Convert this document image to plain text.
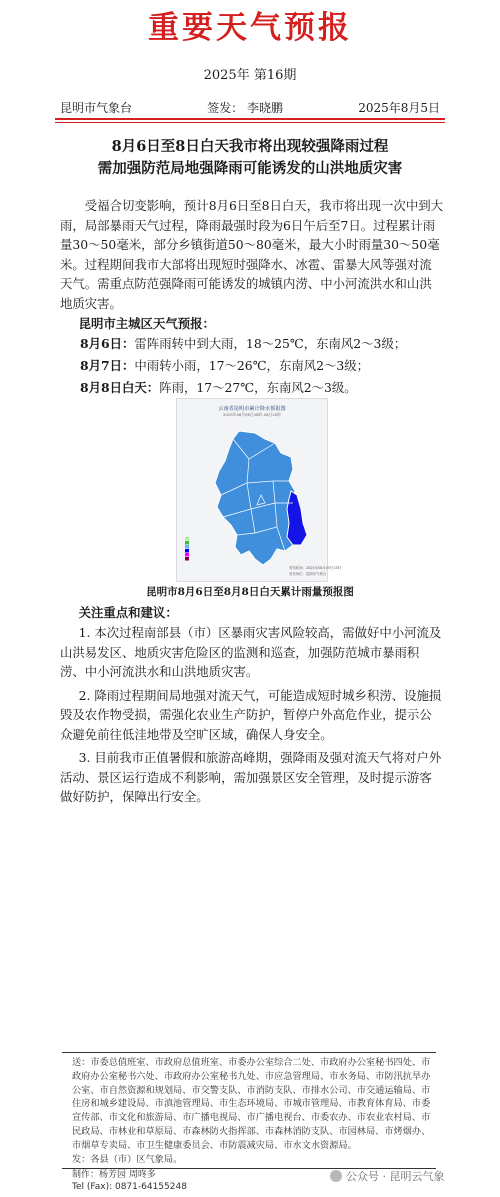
重要天气预报
2025年 第16期
昆明市气象台	签发： 李晓鹏	2025年8月5日
8月6日至8日白天我市将出现较强降雨过程
需加强防范局地强降雨可能诱发的山洪地质灾害
受福合切变影响，预计8月6日至8日白天，我市将出现一次中到大雨，局部暴雨天气过程，降雨最强时段为6日午后至7日。过程累计雨量30～50毫米，部分乡镇街道50～80毫米，最大小时雨量30～50毫米。过程期间我市大部将出现短时强降水、冰雹、雷暴大风等强对流天气。需重点防范强降雨可能诱发的城镇内涝、中小河流洪水和山洪地质灾害。
昆明市主城区天气预报：
8月6日：雷阵雨转中到大雨，18～25℃，东南风2～3级；
8月7日：中雨转小雨，17～26℃，东南风2～3级；
8月8日白天：阵雨，17～27℃，东南风2～3级。
云南省昆明市累计降水预报图
2025年08月06日08时-08日20时
发布时间：2025年08月05日15时
发布单位：昆明市气象台
昆明市8月6日至8月8日白天累计雨量预报图
关注重点和建议：

1. 本次过程南部县（市）区暴雨灾害风险较高，需做好中小河流及山洪易发区、地质灾害危险区的监测和巡查，加强防范城市暴雨积涝、中小河流洪水和山洪地质灾害。

2. 降雨过程期间局地强对流天气，可能造成短时城乡积涝、设施损毁及农作物受损，需强化农业生产防护，暂停户外高危作业，提示公众避免前往低洼地带及空旷区域，确保人身安全。

3. 目前我市正值暑假和旅游高峰期，强降雨及强对流天气将对户外活动、景区运行造成不利影响，需加强景区安全管理，及时提示游客做好防护，保障出行安全。

送：市委总值班室、市政府总值班室、市委办公室综合二处、市政府办公室秘书四处、市政府办公室秘书六处、市政府办公室秘书九处、市应急管理局、市水务局、市防汛抗旱办公室、市自然资源和规划局、市交警支队、市消防支队、市排水公司、市交通运输局、市住房和城乡建设局、市滇池管理局、市生态环境局、市城市管理局、市教育体育局、市委宣传部、市文化和旅游局、市广播电视局、市广播电视台、市委农办、市农业农村局、市民政局、市林业和草原局、市森林防火指挥部、市森林消防支队、市园林局、市烤烟办、市烟草专卖局、市卫生健康委员会、市防震减灾局、市水文水资源局。
发：各县（市）区气象局。
制作：杨芳园 周咚多
Tel (Fax): 0871-64155248
公众号 · 昆明云气象
